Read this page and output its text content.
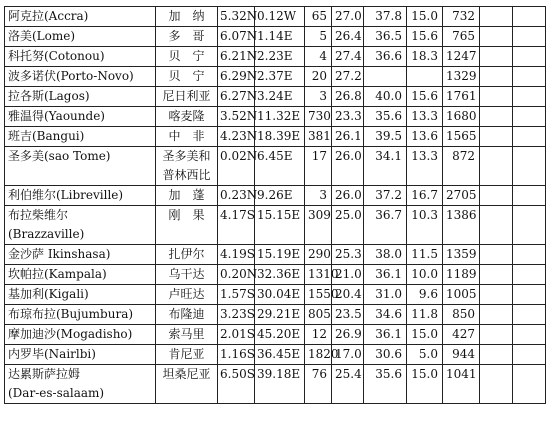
阿克拉(Accra)	加　纳	5.32N	0.12W	65	27.0	37.8	15.0	732		

洛美(Lome)	多　哥	6.07N	1.14E	5	26.4	36.5	15.6	765		

科托努(Cotonou)	贝　宁	6.21N	2.23E	4	27.4	36.6	18.3	1247		

波多诺伏(Porto-Novo)	贝　宁	6.29N	2.37E	20	27.2			1329		

拉各斯(Lagos)	尼日利亚	6.27N	3.24E	3	26.8	40.0	15.6	1761		

雅温得(Yaounde)	喀麦隆	3.52N	11.32E	730	23.3	35.6	13.3	1680		

班吉(Bangui)	中　非	4.23N	18.39E	381	26.1	39.5	13.6	1565		

圣多美(sao Tome)	圣多美和
普林西比	0.02N	6.45E	17	26.0	34.1	13.3	872		

利伯维尔(Libreville)	加　蓬	0.23N	9.26E	3	26.0	37.2	16.7	2705		

布拉柴维尔
(Brazzaville)	刚　果	4.17S	15.15E	309	25.0	36.7	10.3	1386		

金沙萨 Ikinshasa)	扎伊尔	4.19S	15.19E	290	25.3	38.0	11.5	1359		

坎帕拉(Kampala)	乌干达	0.20N	32.36E	1310	21.0	36.1	10.0	1189		

基加利(Kigali)	卢旺达	1.57S	30.04E	1550	20.4	31.0	9.6	1005		

布琼布拉(Bujumbura)	布隆迪	3.23S	29.21E	805	23.5	34.6	11.8	850		

摩加迪沙(Mogadisho)	索马里	2.01S	45.20E	12	26.9	36.1	15.0	427		

内罗毕(Nairlbi)	肯尼亚	1.16S	36.45E	1820	17.0	30.6	5.0	944		

达累斯萨拉姆
(Dar-es-salaam)	坦桑尼亚	6.50S	39.18E	76	25.4	35.6	15.0	1041		
